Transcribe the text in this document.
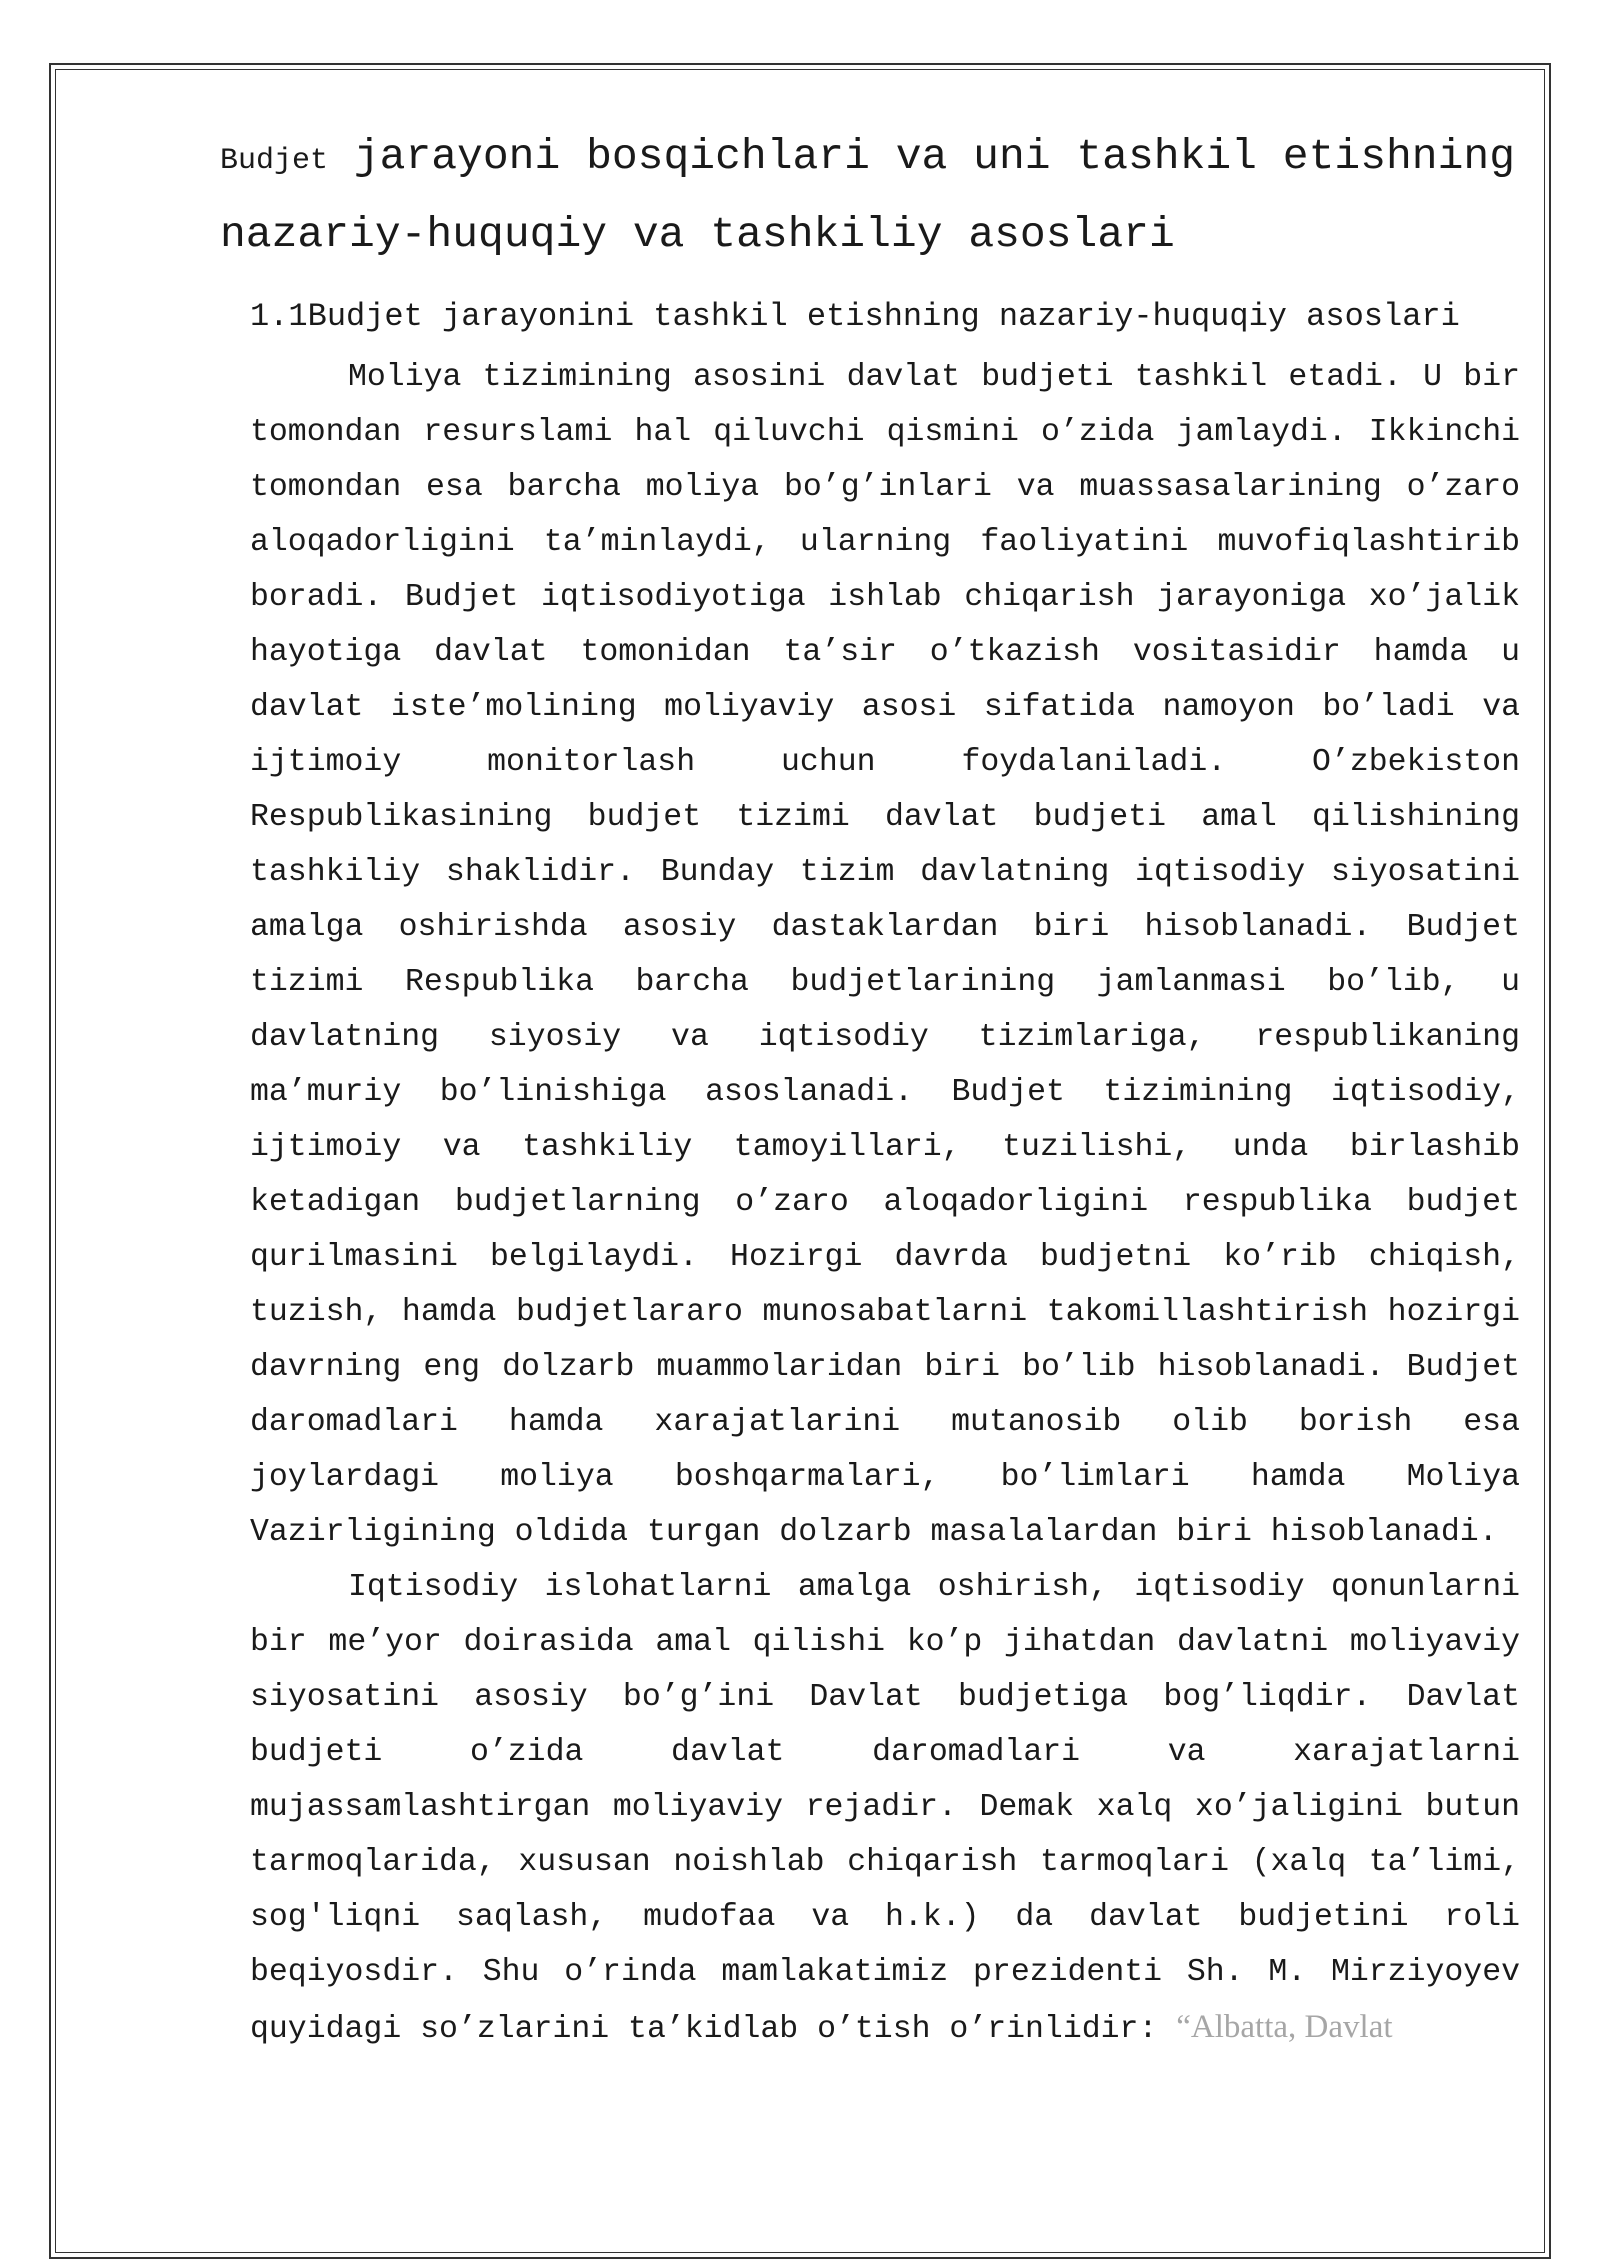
Budjet jarayoni bosqichlari va uni tashkil etishning nazariy-huquqiy va tashkiliy asoslari
1.1Budjet jarayonini tashkil etishning nazariy-huquqiy asoslari

Moliya tizimining asosini davlat budjeti tashkil etadi. U bir tomondan resurslami hal qiluvchi qismini o’zida jamlaydi. Ikkinchi tomondan esa barcha moliya bo’g’inlari va muassasalarining o’zaro aloqadorligini ta’minlaydi, ularning faoliyatini muvofiqlashtirib boradi. Budjet iqtisodiyotiga ishlab chiqarish jarayoniga xo’jalik hayotiga davlat tomonidan ta’sir o’tkazish vositasidir hamda u davlat iste’molining moliyaviy asosi sifatida namoyon bo’ladi va ijtimoiy monitorlash uchun foydalaniladi. O’zbekiston Respublikasining budjet tizimi davlat budjeti amal qilishining tashkiliy shaklidir. Bunday tizim davlatning iqtisodiy siyosatini amalga oshirishda asosiy dastaklardan biri hisoblanadi. Budjet tizimi Respublika barcha budjetlarining jamlanmasi bo’lib, u davlatning siyosiy va iqtisodiy tizimlariga, respublikaning ma’muriy bo’linishiga asoslanadi. Budjet tizimining iqtisodiy, ijtimoiy va tashkiliy tamoyillari, tuzilishi, unda birlashib ketadigan budjetlarning o’zaro aloqadorligini respublika budjet qurilmasini belgilaydi. Hozirgi davrda budjetni ko’rib chiqish, tuzish, hamda budjetlararo munosabatlarni takomillashtirish hozirgi davrning eng dolzarb muammolaridan biri bo’lib hisoblanadi. Budjet daromadlari hamda xarajatlarini mutanosib olib borish esa joylardagi moliya boshqarmalari, bo’limlari hamda Moliya Vazirligining oldida turgan dolzarb masalalardan biri hisoblanadi.

Iqtisodiy islohatlarni amalga oshirish, iqtisodiy qonunlarni bir me’yor doirasida amal qilishi ko’p jihatdan davlatni moliyaviy siyosatini asosiy bo’g’ini Davlat budjetiga bog’liqdir. Davlat budjeti o’zida davlat daromadlari va xarajatlarni mujassamlashtirgan moliyaviy rejadir. Demak xalq xo’jaligini butun tarmoqlarida, xususan noishlab chiqarish tarmoqlari (xalq ta’limi, sog'liqni saqlash, mudofaa va h.k.) da davlat budjetini roli beqiyosdir. Shu o’rinda mamlakatimiz prezidenti Sh. M. Mirziyoyev quyidagi so’zlarini ta’kidlab o’tish o’rinlidir: “Albatta, Davlat
